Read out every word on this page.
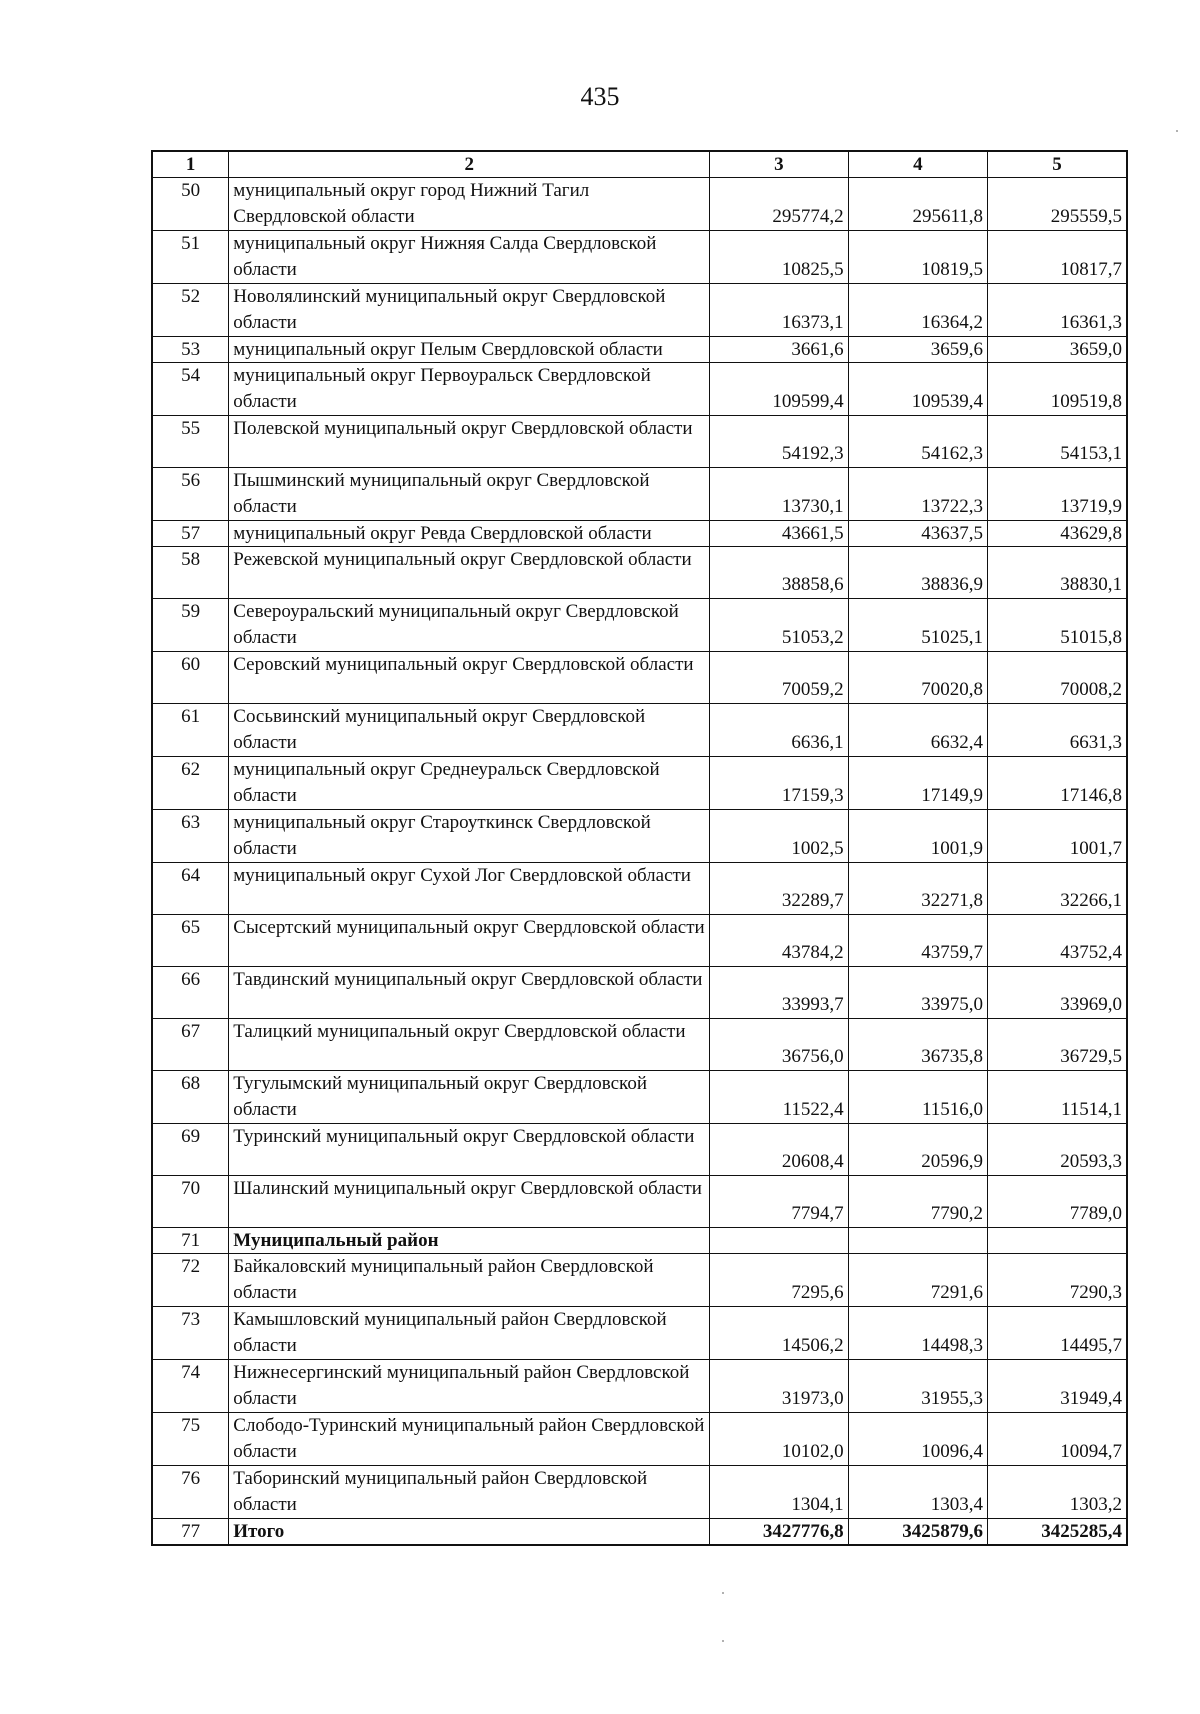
435
1	2	3	4	5
50	муниципальный округ город Нижний Тагил Свердловской области	295774,2	295611,8	295559,5
51	муниципальный округ Нижняя Салда Свердловской области	10825,5	10819,5	10817,7
52	Новолялинский муниципальный округ Свердловской области	16373,1	16364,2	16361,3
53	муниципальный округ Пелым Свердловской области	3661,6	3659,6	3659,0
54	муниципальный округ Первоуральск Свердловской области	109599,4	109539,4	109519,8
55	Полевской муниципальный округ Свердловской области	54192,3	54162,3	54153,1
56	Пышминский муниципальный округ Свердловской области	13730,1	13722,3	13719,9
57	муниципальный округ Ревда Свердловской области	43661,5	43637,5	43629,8
58	Режевской муниципальный округ Свердловской области	38858,6	38836,9	38830,1
59	Североуральский муниципальный округ Свердловской области	51053,2	51025,1	51015,8
60	Серовский муниципальный округ Свердловской области	70059,2	70020,8	70008,2
61	Сосьвинский муниципальный округ Свердловской области	6636,1	6632,4	6631,3
62	муниципальный округ Среднеуральск Свердловской области	17159,3	17149,9	17146,8
63	муниципальный округ Староуткинск Свердловской области	1002,5	1001,9	1001,7
64	муниципальный округ Сухой Лог Свердловской области	32289,7	32271,8	32266,1
65	Сысертский муниципальный округ Свердловской области	43784,2	43759,7	43752,4
66	Тавдинский муниципальный округ Свердловской области	33993,7	33975,0	33969,0
67	Талицкий муниципальный округ Свердловской области	36756,0	36735,8	36729,5
68	Тугулымский муниципальный округ Свердловской области	11522,4	11516,0	11514,1
69	Туринский муниципальный округ Свердловской области	20608,4	20596,9	20593,3
70	Шалинский муниципальный округ Свердловской области	7794,7	7790,2	7789,0
71	Муниципальный район			
72	Байкаловский муниципальный район Свердловской области	7295,6	7291,6	7290,3
73	Камышловский муниципальный район Свердловской области	14506,2	14498,3	14495,7
74	Нижнесергинский муниципальный район Свердловской области	31973,0	31955,3	31949,4
75	Слободо-Туринский муниципальный район Свердловской области	10102,0	10096,4	10094,7
76	Таборинский муниципальный район Свердловской области	1304,1	1303,4	1303,2
77	Итого	3427776,8	3425879,6	3425285,4
